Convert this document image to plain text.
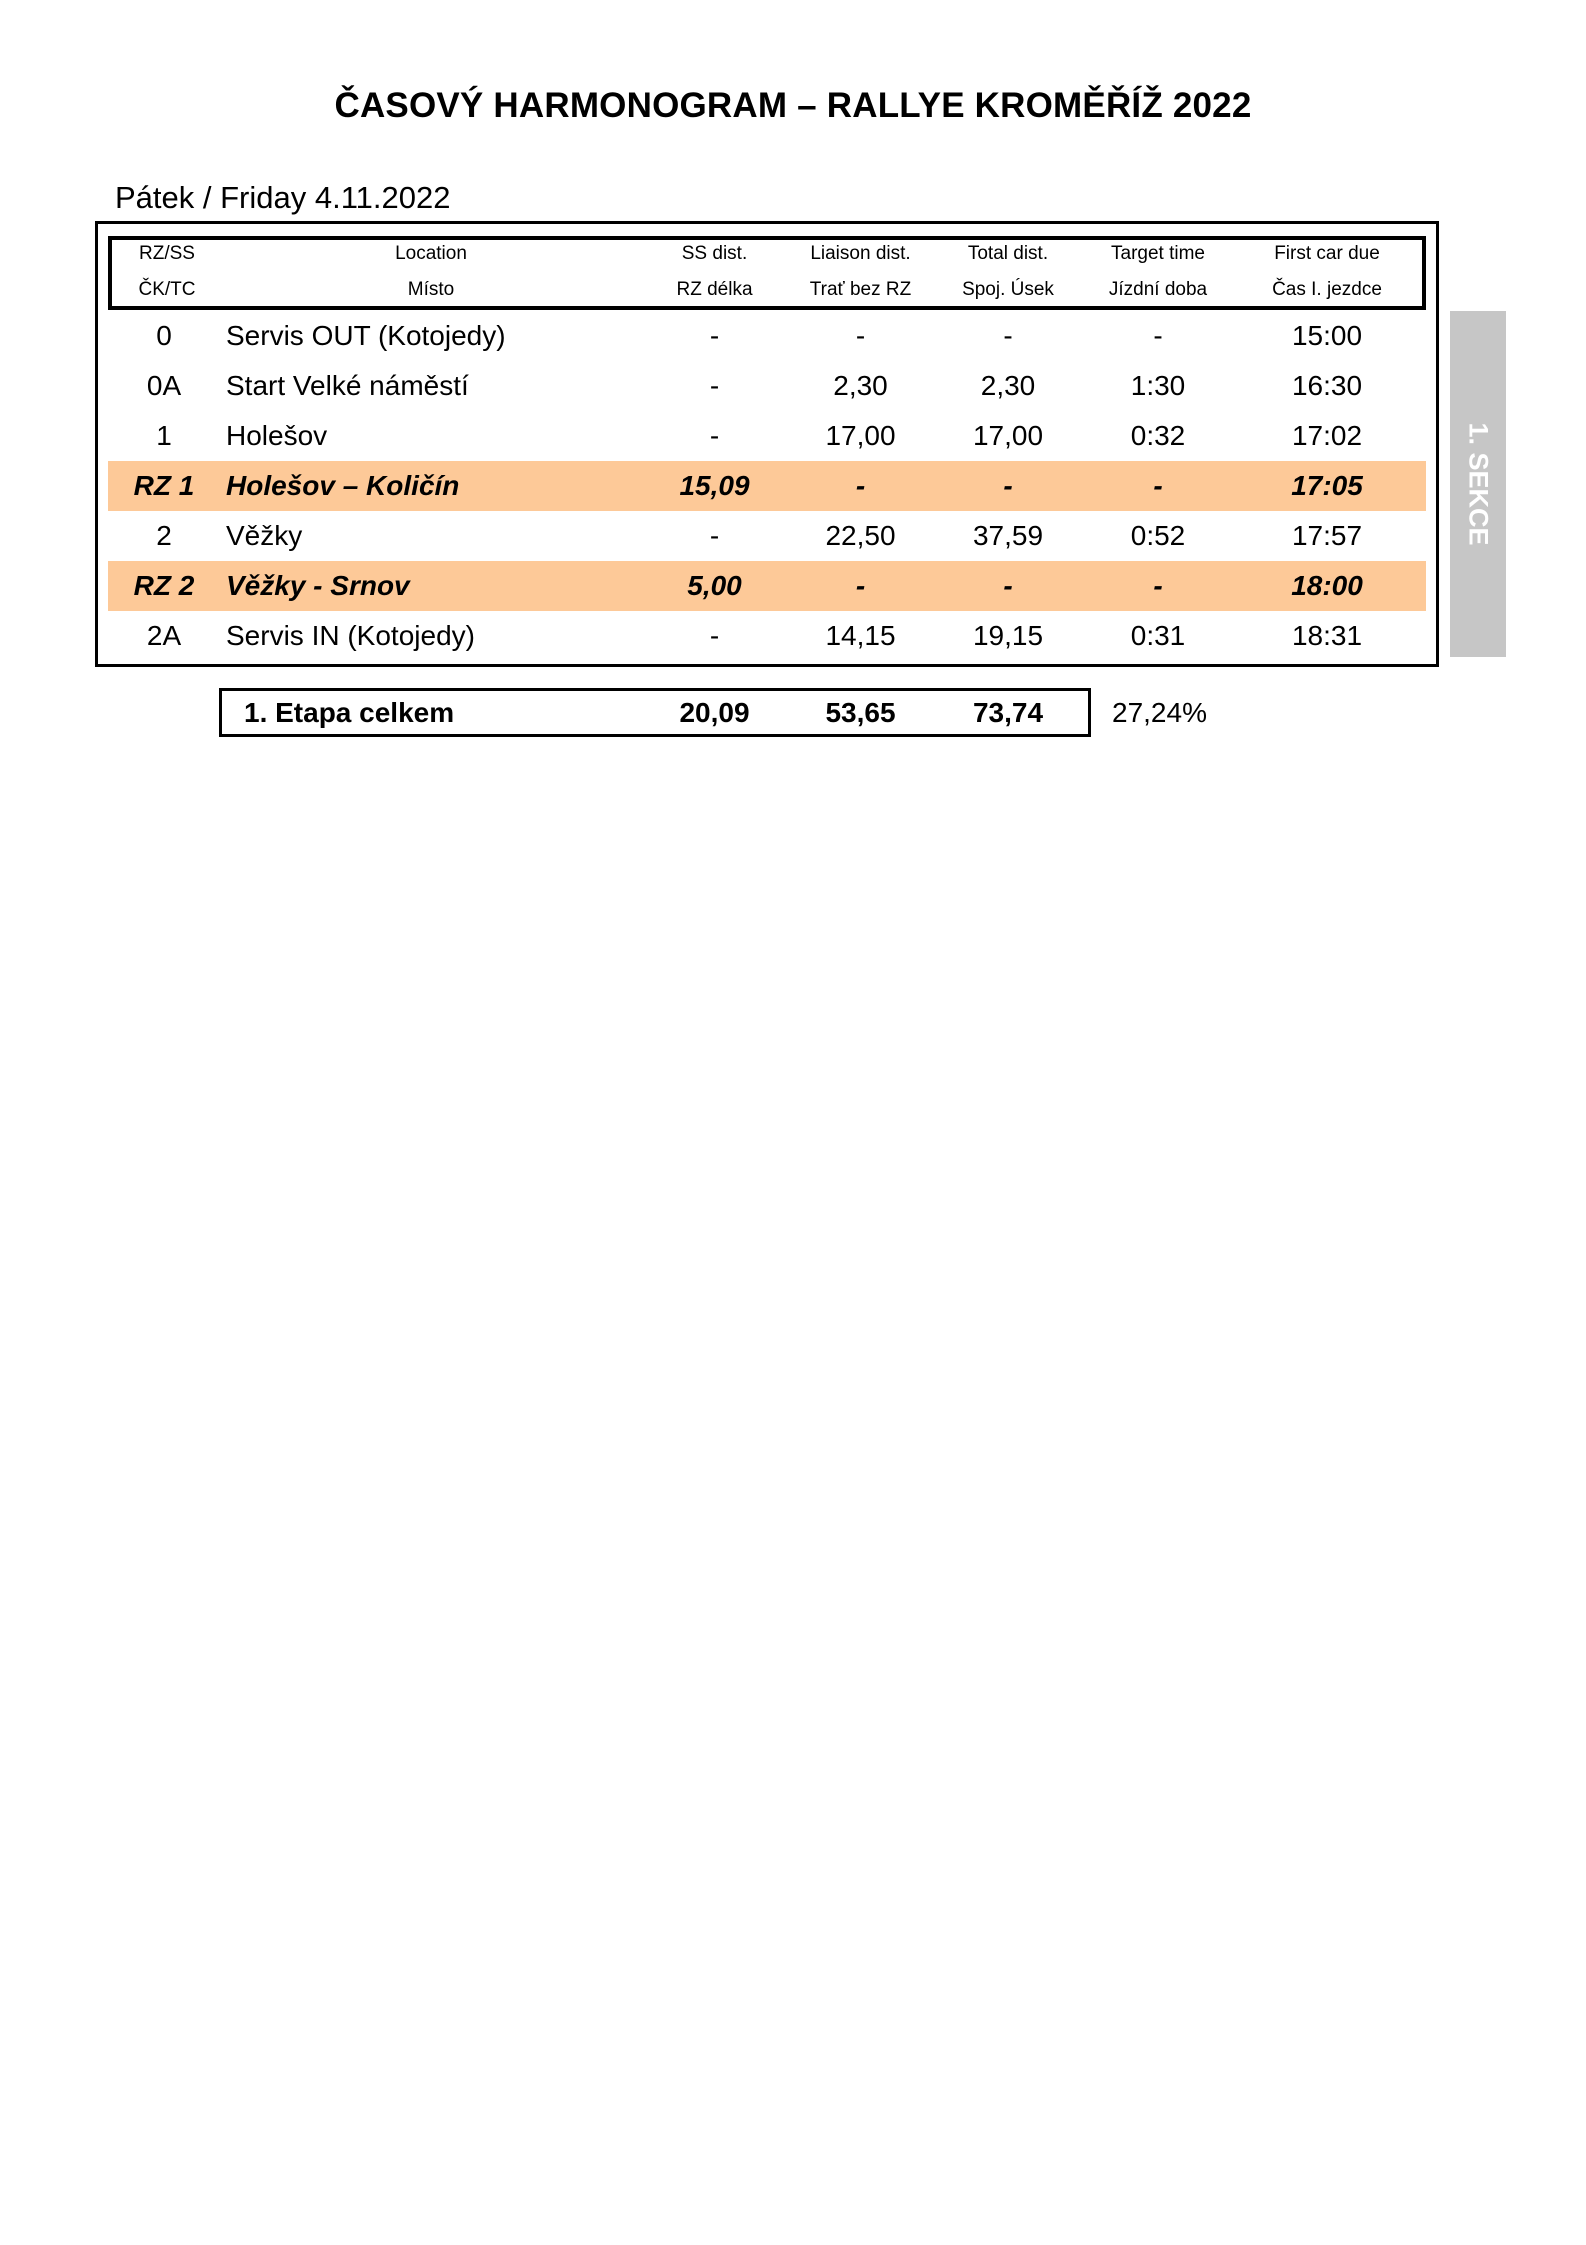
ČASOVÝ HARMONOGRAM – RALLYE KROMĚŘÍŽ 2022
Pátek / Friday 4.11.2022
RZ/SS	Location	SS dist.	Liaison dist.	Total dist.	Target time	First car due
ČK/TC	Místo	RZ délka	Trať bez RZ	Spoj. Úsek	Jízdní doba	Čas I. jezdce
0	Servis OUT (Kotojedy)	-	-	-	-	15:00
0A	Start Velké náměstí	-	2,30	2,30	1:30	16:30
1	Holešov	-	17,00	17,00	0:32	17:02
RZ 1	Holešov – Količín	15,09	-	-	-	17:05
2	Věžky	-	22,50	37,59	0:52	17:57
RZ 2	Věžky - Srnov	5,00	-	-	-	18:00
2A	Servis IN (Kotojedy)	-	14,15	19,15	0:31	18:31
1. SEKCE
1. Etapa celkem	20,09	53,65	73,74	27,24%
